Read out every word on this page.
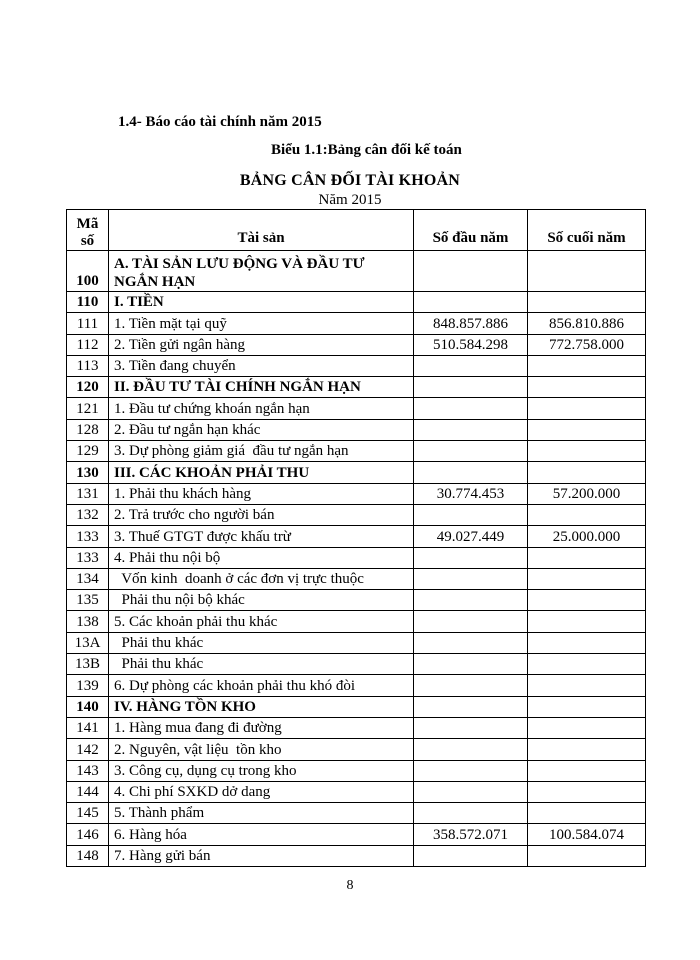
1.4- Báo cáo tài chính năm 2015
Biểu 1.1:Bảng cân đối kế toán
BẢNG CÂN ĐỐI TÀI KHOẢN
Năm 2015
Mã
số	Tài sản	Số đầu năm	Số cuối năm
100	A. TÀI SẢN LƯU ĐỘNG VÀ ĐẦU TƯ NGẮN HẠN		
110	I. TIỀN		
111	1. Tiền mặt tại quỹ	848.857.886	856.810.886
112	2. Tiền gửi ngân hàng	510.584.298	772.758.000
113	3. Tiền đang chuyển		
120	II. ĐẦU TƯ TÀI CHÍNH NGẮN HẠN		
121	1. Đầu tư chứng khoán ngắn hạn		
128	2. Đầu tư ngắn hạn khác		
129	3. Dự phòng giảm giá  đầu tư ngắn hạn		
130	III. CÁC KHOẢN PHẢI THU		
131	1. Phải thu khách hàng	30.774.453	57.200.000
132	2. Trả trước cho người bán		
133	3. Thuế GTGT được khấu trừ	49.027.449	25.000.000
133	4. Phải thu nội bộ		
134	Vốn kinh  doanh ở các đơn vị trực thuộc		
135	Phải thu nội bộ khác		
138	5. Các khoản phải thu khác		
13A	Phải thu khác		
13B	Phải thu khác		
139	6. Dự phòng các khoản phải thu khó đòi		
140	IV. HÀNG TỒN KHO		
141	1. Hàng mua đang đi đường		
142	2. Nguyên, vật liệu  tồn kho		
143	3. Công cụ, dụng cụ trong kho		
144	4. Chi phí SXKD dở dang		
145	5. Thành phẩm		
146	6. Hàng hóa	358.572.071	100.584.074
148	7. Hàng gửi bán		
8
